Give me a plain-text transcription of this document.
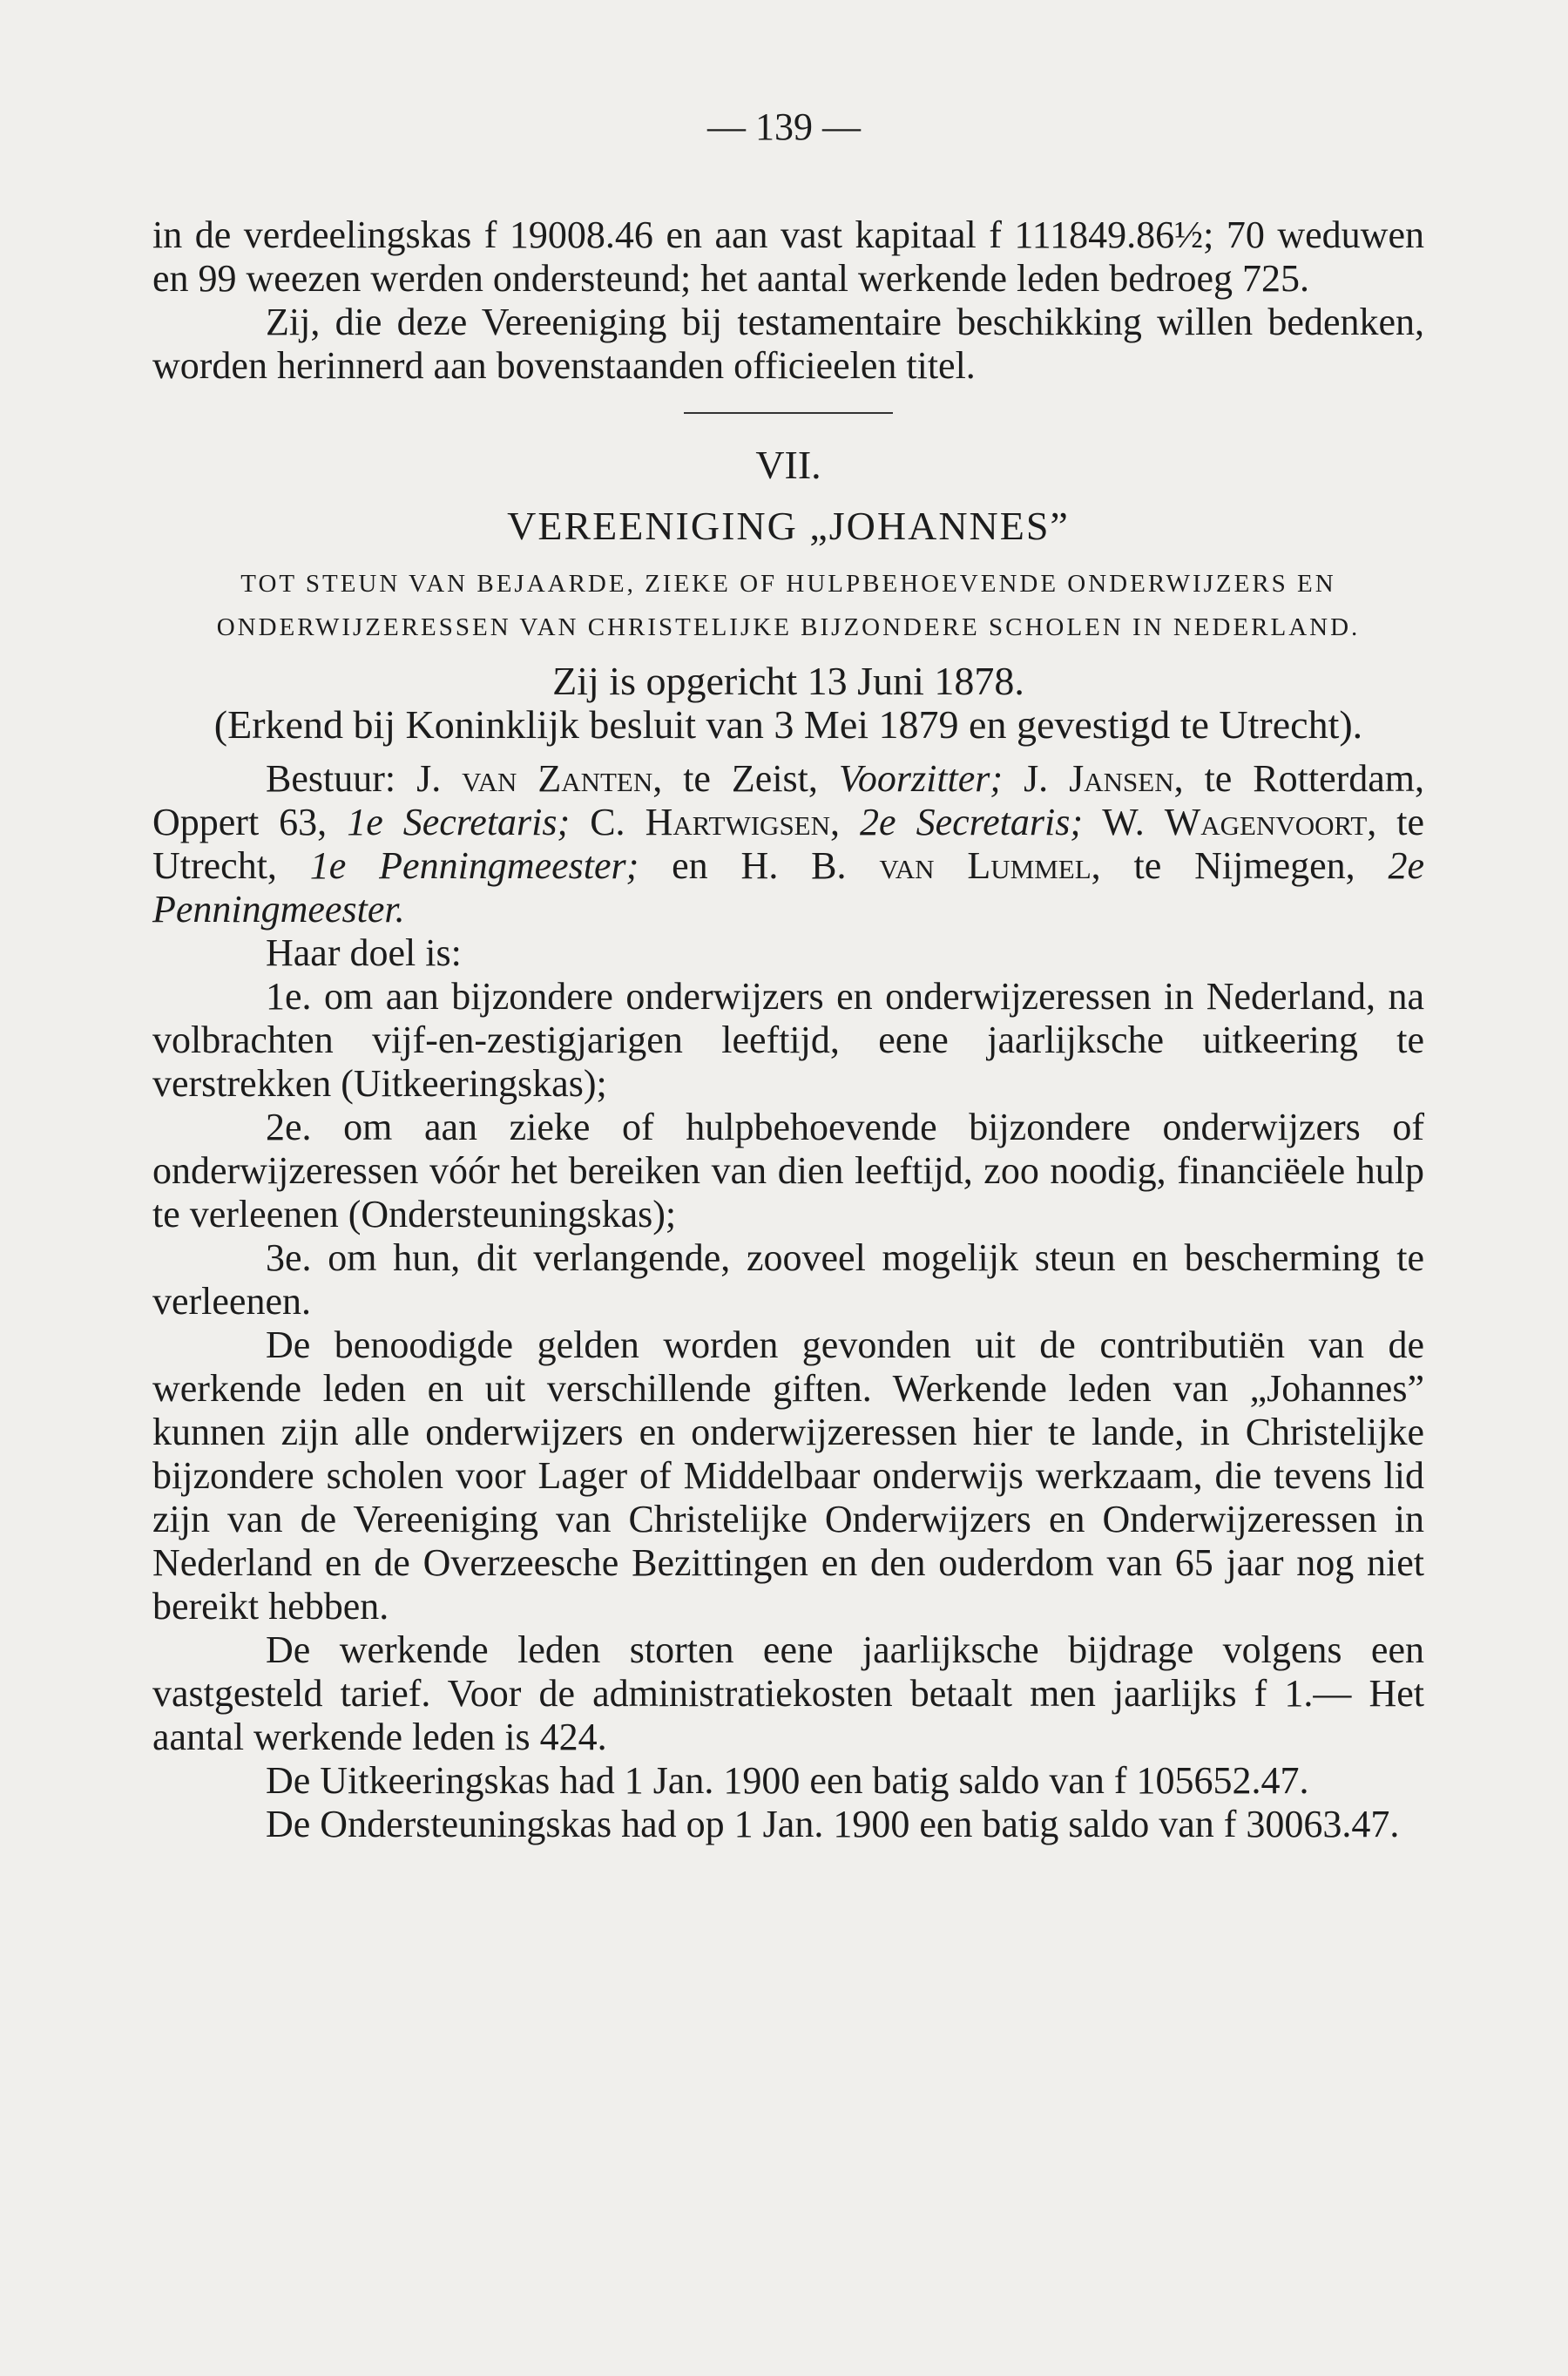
— 139 —

in de verdeelingskas f 19008.46 en aan vast kapitaal f 111849.86½; 70 weduwen en 99 weezen werden ondersteund; het aantal werkende leden bedroeg 725.

Zij, die deze Vereeniging bij testamentaire beschikking willen bedenken, worden herinnerd aan bovenstaanden officieelen titel.

VII.

VEREENIGING „JOHANNES”

TOT STEUN VAN BEJAARDE, ZIEKE OF HULPBEHOEVENDE ONDERWIJZERS EN ONDERWIJZERESSEN VAN CHRISTELIJKE BIJZONDERE SCHOLEN IN NEDERLAND.

Zij is opgericht 13 Juni 1878.

(Erkend bij Koninklijk besluit van 3 Mei 1879 en gevestigd te Utrecht).

Bestuur: J. van Zanten, te Zeist, Voorzitter; J. Jansen, te Rotterdam, Oppert 63, 1e Secretaris; C. Hartwigsen, 2e Secretaris; W. Wagenvoort, te Utrecht, 1e Penningmeester; en H. B. van Lummel, te Nijmegen, 2e Penningmeester.

Haar doel is:

1e. om aan bijzondere onderwijzers en onderwijzeressen in Nederland, na volbrachten vijf-en-zestigjarigen leeftijd, eene jaarlijksche uitkeering te verstrekken (Uitkeeringskas);

2e. om aan zieke of hulpbehoevende bijzondere onderwijzers of onderwijzeressen vóór het bereiken van dien leeftijd, zoo noodig, financiëele hulp te verleenen (Ondersteuningskas);

3e. om hun, dit verlangende, zooveel mogelijk steun en bescherming te verleenen.

De benoodigde gelden worden gevonden uit de contributiën van de werkende leden en uit verschillende giften. Werkende leden van „Johannes” kunnen zijn alle onderwijzers en onderwijzeressen hier te lande, in Christelijke bijzondere scholen voor Lager of Middelbaar onderwijs werkzaam, die tevens lid zijn van de Vereeniging van Christelijke Onderwijzers en Onderwijzeressen in Nederland en de Overzeesche Bezittingen en den ouderdom van 65 jaar nog niet bereikt hebben.

De werkende leden storten eene jaarlijksche bijdrage volgens een vastgesteld tarief. Voor de administratiekosten betaalt men jaarlijks f 1.— Het aantal werkende leden is 424.

De Uitkeeringskas had 1 Jan. 1900 een batig saldo van f 105652.47.

De Ondersteuningskas had op 1 Jan. 1900 een batig saldo van f 30063.47.
